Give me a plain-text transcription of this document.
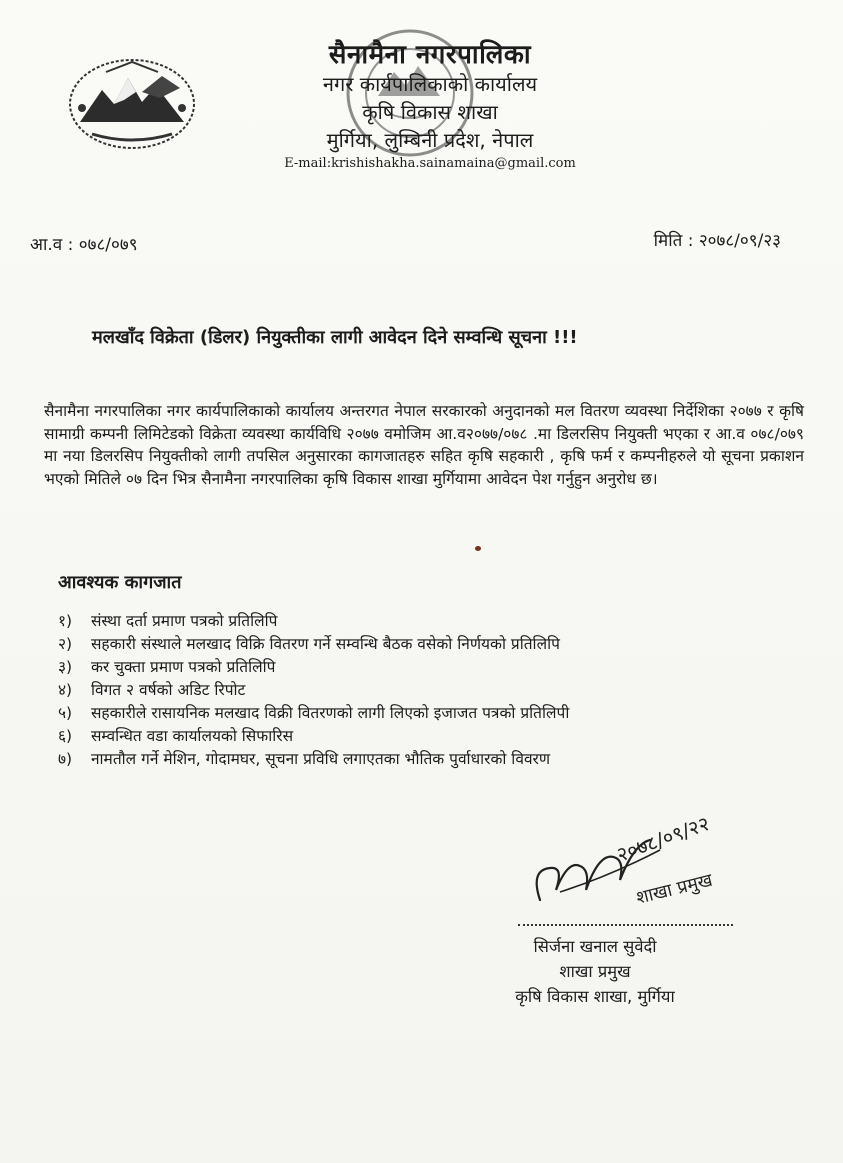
सैनामैना नगरपालिका
नगर कार्यपालिकाको कार्यालय
कृषि विकास शाखा
मुर्गिया, लुम्बिनी प्रदेश, नेपाल
E-mail:krishishakha.sainamaina@gmail.com
आ.व : ०७८/०७९	मिति : २०७८/०९/२३
मलखाँद विक्रेता (डिलर) नियुक्तीका लागी आवेदन दिने सम्वन्धि सूचना !!!
सैनामैना नगरपालिका नगर कार्यपालिकाको कार्यालय अन्तरगत नेपाल सरकारको अनुदानको मल वितरण व्यवस्था निर्देशिका २०७७ र कृषि सामाग्री कम्पनी लिमिटेडको विक्रेता व्यवस्था कार्यविधि २०७७ वमोजिम आ.व२०७७/०७८ .मा डिलरसिप नियुक्ती भएका र आ.व ०७८/०७९ मा नया डिलरसिप नियुक्तीको लागी तपसिल अनुसारका कागजातहरु सहित कृषि सहकारी , कृषि फर्म र कम्पनीहरुले यो सूचना प्रकाशन भएको मितिले ०७ दिन भित्र सैनामैना नगरपालिका कृषि विकास शाखा मुर्गियामा आवेदन पेश गर्नुहुन अनुरोध छ।
आवश्यक कागजात
१) संस्था दर्ता प्रमाण पत्रको प्रतिलिपि
२) सहकारी संस्थाले मलखाद विक्रि वितरण गर्ने सम्वन्धि बैठक वसेको निर्णयको प्रतिलिपि
३) कर चुक्ता प्रमाण पत्रको प्रतिलिपि
४) विगत २ वर्षको अडिट रिपोट
५) सहकारीले रासायनिक मलखाद विक्री वितरणको लागी लिएको इजाजत पत्रको प्रतिलिपी
६) सम्वन्धित वडा कार्यालयको सिफारिस
७) नामतौल गर्ने मेशिन, गोदामघर, सूचना प्रविधि लगाएतका भौतिक पुर्वाधारको विवरण
२०७८/०९/२२
शाखा प्रमुख
सिर्जना खनाल सुवेदी
शाखा प्रमुख
कृषि विकास शाखा, मुर्गिया
